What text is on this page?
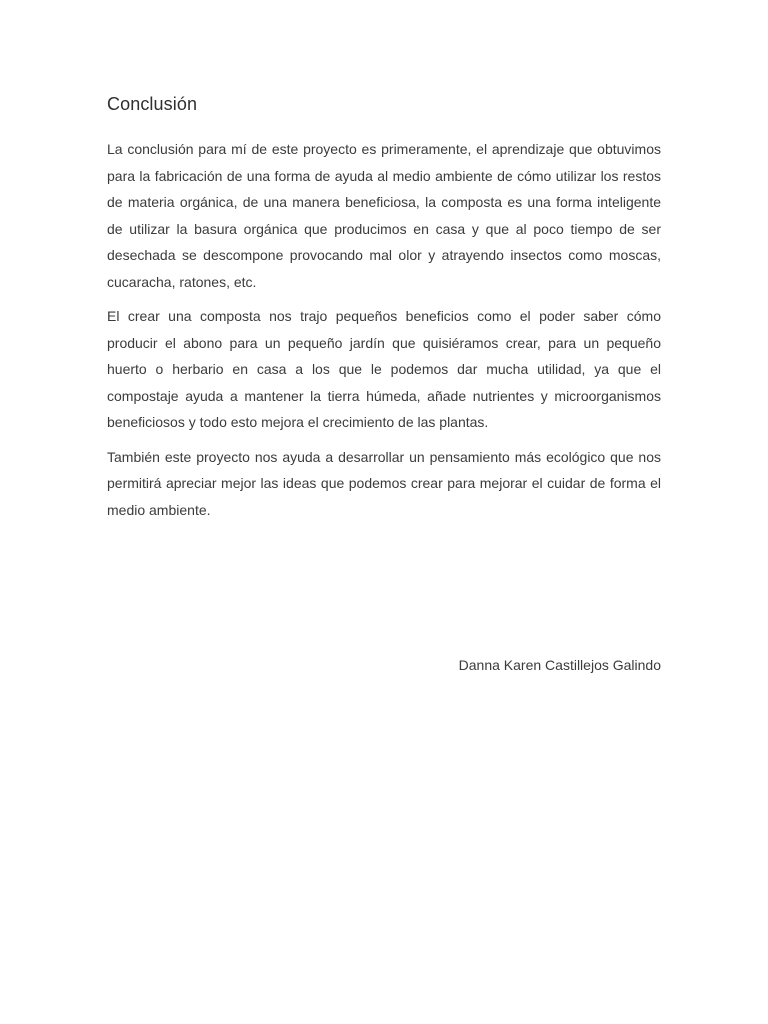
Conclusión

La conclusión para mí de este proyecto es primeramente, el aprendizaje que obtuvimos para la fabricación de una forma de ayuda al medio ambiente de cómo utilizar los restos de materia orgánica, de una manera beneficiosa, la composta es una forma inteligente de utilizar la basura orgánica que producimos en casa y que al poco tiempo de ser desechada se descompone provocando mal olor y atrayendo insectos como moscas, cucaracha, ratones, etc.

El crear una composta nos trajo pequeños beneficios como el poder saber cómo producir el abono para un pequeño jardín que quisiéramos crear, para un pequeño huerto o herbario en casa a los que le podemos dar mucha utilidad, ya que el compostaje ayuda a mantener la tierra húmeda, añade nutrientes y microorganismos beneficiosos y todo esto mejora el crecimiento de las plantas.

También este proyecto nos ayuda a desarrollar un pensamiento más ecológico que nos permitirá apreciar mejor las ideas que podemos crear para mejorar el cuidar de forma el medio ambiente.

Danna Karen Castillejos Galindo
